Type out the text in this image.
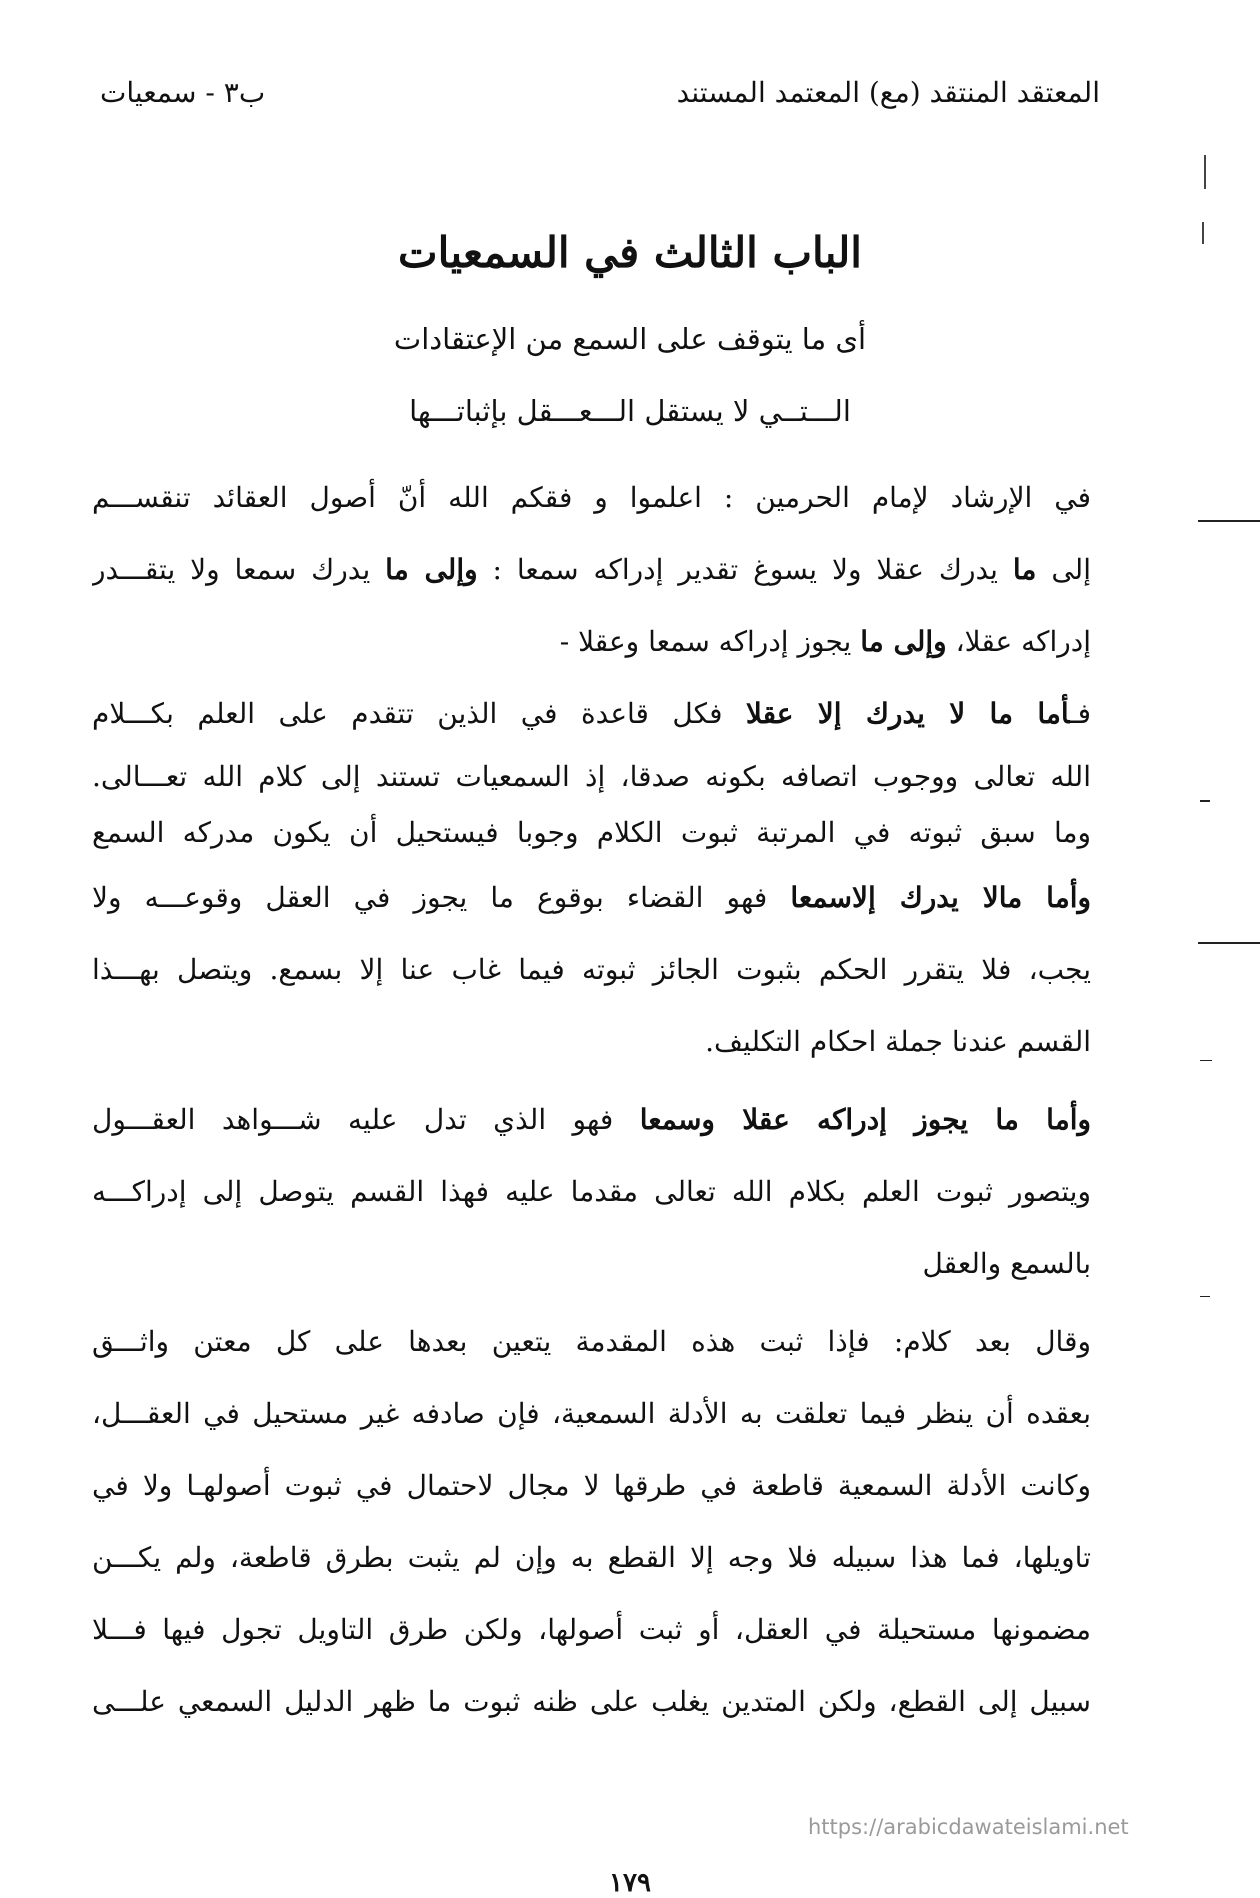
المعتقد المنتقد (مع) المعتمد المستند
ب٣ - سمعيات
الباب الثالث في السمعيات
أى ما يتوقف على السمع من الإعتقادات
الـــتــي لا يستقل الـــعـــقل بإثباتـــها
في الإرشاد لإمام الحرمين : اعلموا و فقكم الله أنّ أصول العقائد تنقســـم
إلى ما يدرك عقلا ولا يسوغ تقدير إدراكه سمعا : وإلى ما يدرك سمعا ولا يتقـــدر
إدراكه عقلا، وإلى ما يجوز إدراكه سمعا وعقلا -
فـأما ما لا يدرك إلا عقلا فكل قاعدة في الذين تتقدم على العلم بكـــلام
الله تعالى ووجوب اتصافه بكونه صدقا، إذ السمعيات تستند إلى كلام الله تعـــالى.
وما سبق ثبوته في المرتبة ثبوت الكلام وجوبا فيستحيل أن يكون مدركه السمع
وأما مالا يدرك إلاسمعا فهو القضاء بوقوع ما يجوز في العقل وقوعـــه ولا
يجب، فلا يتقرر الحكم بثبوت الجائز ثبوته فيما غاب عنا إلا بسمع. ويتصل بهـــذا
القسم عندنا جملة احكام التكليف.
وأما ما يجوز إدراكه عقلا وسمعا فهو الذي تدل عليه شـــواهد العقـــول
ويتصور ثبوت العلم بكلام الله تعالى مقدما عليه فهذا القسم يتوصل إلى إدراكـــه
بالسمع والعقل
وقال بعد كلام: فإذا ثبت هذه المقدمة يتعين بعدها على كل معتن واثـــق
بعقده أن ينظر فيما تعلقت به الأدلة السمعية، فإن صادفه غير مستحيل في العقـــل،
وكانت الأدلة السمعية قاطعة في طرقها لا مجال لاحتمال في ثبوت أصولهـا ولا في
تاويلها، فما هذا سبيله فلا وجه إلا القطع به وإن لم يثبت بطرق قاطعة، ولم يكـــن
مضمونها مستحيلة في العقل، أو ثبت أصولها، ولكن طرق التاويل تجول فيها فـــلا
سبيل إلى القطع، ولكن المتدين يغلب على ظنه ثبوت ما ظهر الدليل السمعي علـــى
https://arabicdawateislami.net
١٧٩
